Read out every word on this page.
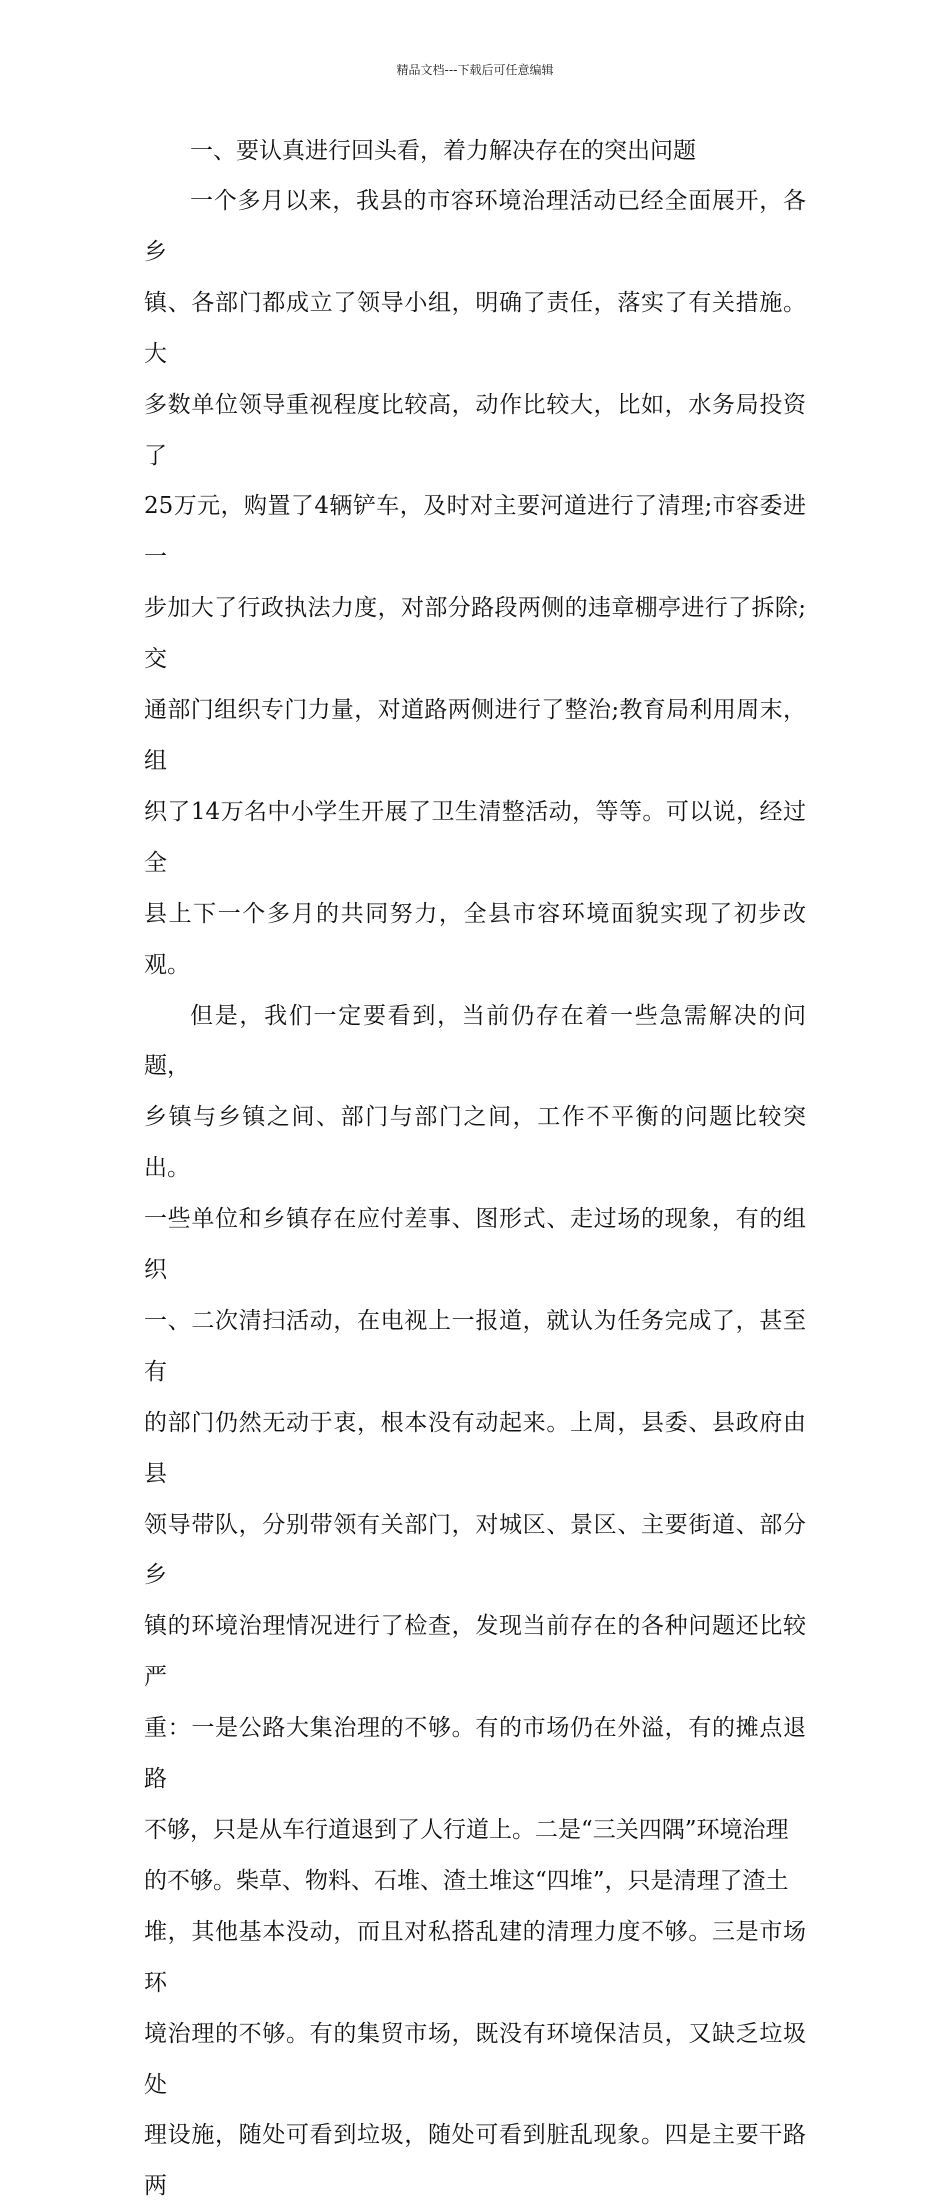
精品文档---下载后可任意编辑
一、要认真进行回头看，着力解决存在的突出问题

一个多月以来，我县的市容环境治理活动已经全面展开，各乡
镇、各部门都成立了领导小组，明确了责任，落实了有关措施。大
多数单位领导重视程度比较高，动作比较大，比如，水务局投资了
25万元，购置了4辆铲车，及时对主要河道进行了清理;市容委进一
步加大了行政执法力度，对部分路段两侧的违章棚亭进行了拆除;交
通部门组织专门力量，对道路两侧进行了整治;教育局利用周末，组
织了14万名中小学生开展了卫生清整活动，等等。可以说，经过全
县上下一个多月的共同努力，全县市容环境面貌实现了初步改观。

但是，我们一定要看到，当前仍存在着一些急需解决的问题，
乡镇与乡镇之间、部门与部门之间，工作不平衡的问题比较突出。
一些单位和乡镇存在应付差事、图形式、走过场的现象，有的组织
一、二次清扫活动，在电视上一报道，就认为任务完成了，甚至有
的部门仍然无动于衷，根本没有动起来。上周，县委、县政府由县
领导带队，分别带领有关部门，对城区、景区、主要街道、部分乡
镇的环境治理情况进行了检查，发现当前存在的各种问题还比较严
重：一是公路大集治理的不够。有的市场仍在外溢，有的摊点退路
不够，只是从车行道退到了人行道上。二是“三关四隅”环境治理
的不够。柴草、物料、石堆、渣土堆这“四堆”，只是清理了渣土
堆，其他基本没动，而且对私搭乱建的清理力度不够。三是市场环
境治理的不够。有的集贸市场，既没有环境保洁员，又缺乏垃圾处
理设施，随处可看到垃圾，随处可看到脏乱现象。四是主要干路两
